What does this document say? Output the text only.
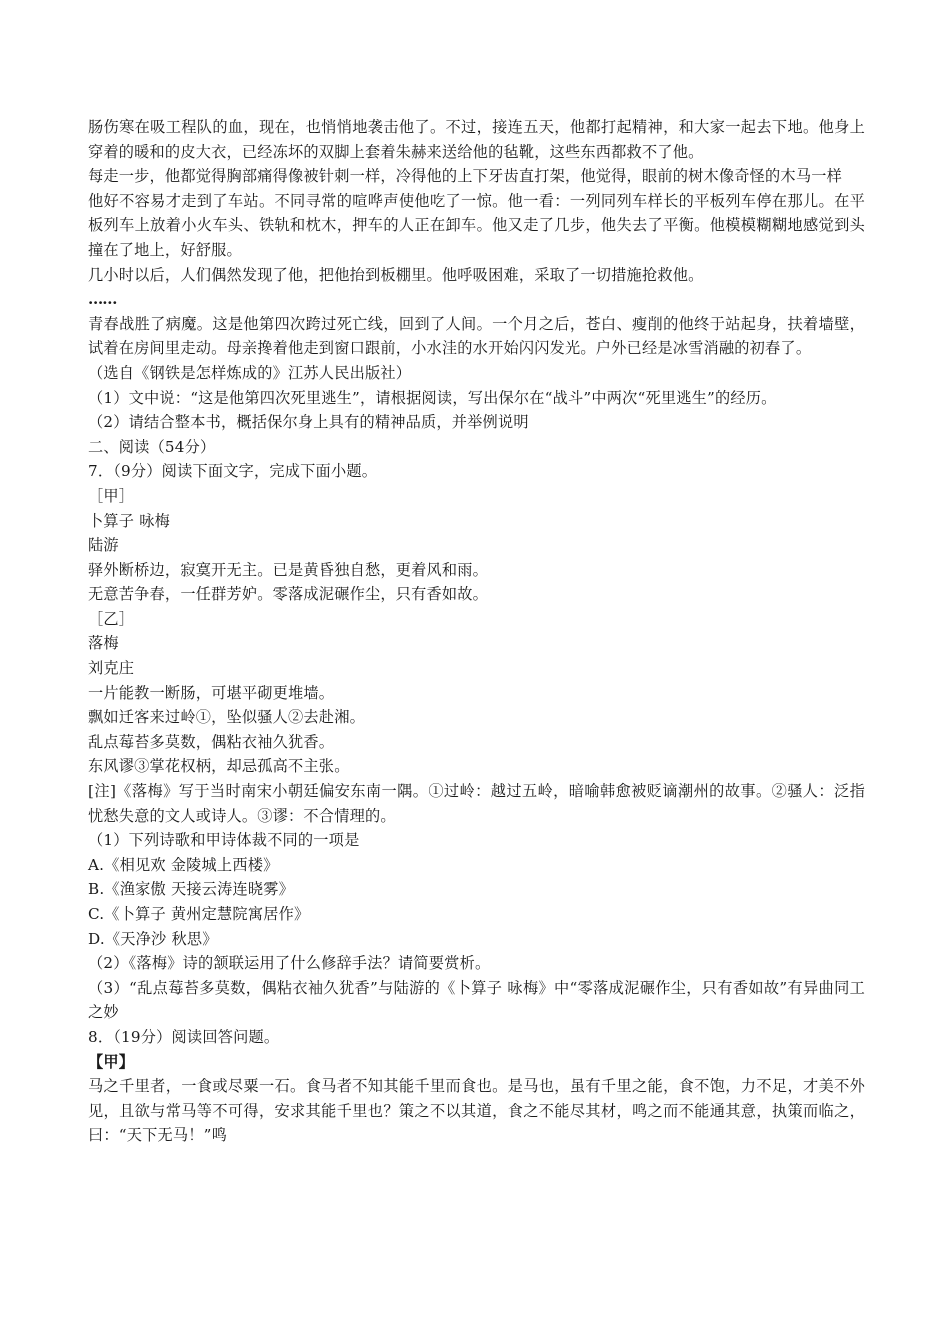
肠伤寒在吸工程队的血，现在，也悄悄地袭击他了。不过，接连五天，他都打起精神，和大家一起去下地。他身上穿着的暖和的皮大衣，已经冻坏的双脚上套着朱赫来送给他的毡靴，这些东西都救不了他。

每走一步，他都觉得胸部痛得像被针刺一样，冷得他的上下牙齿直打架，他觉得，眼前的树木像奇怪的木马一样

他好不容易才走到了车站。不同寻常的喧哗声使他吃了一惊。他一看：一列同列车样长的平板列车停在那儿。在平板列车上放着小火车头、铁轨和枕木，押车的人正在卸车。他又走了几步，他失去了平衡。他模模糊糊地感觉到头撞在了地上，好舒服。

几小时以后，人们偶然发现了他，把他抬到板棚里。他呼吸困难，采取了一切措施抢救他。

……

青春战胜了病魔。这是他第四次跨过死亡线，回到了人间。一个月之后，苍白、瘦削的他终于站起身，扶着墙壁，试着在房间里走动。母亲搀着他走到窗口跟前，小水洼的水开始闪闪发光。户外已经是冰雪消融的初春了。

（选自《钢铁是怎样炼成的》江苏人民出版社）

（1）文中说：“这是他第四次死里逃生”，请根据阅读，写出保尔在“战斗”中两次“死里逃生”的经历。

（2）请结合整本书，概括保尔身上具有的精神品质，并举例说明

二、阅读（54分）

7．（9分）阅读下面文字，完成下面小题。

［甲］

卜算子 咏梅

陆游

驿外断桥边，寂寞开无主。已是黄昏独自愁，更着风和雨。

无意苦争春，一任群芳妒。零落成泥碾作尘，只有香如故。

［乙］

落梅

刘克庄

一片能教一断肠，可堪平砌更堆墙。

飘如迁客来过岭①，坠似骚人②去赴湘。

乱点莓苔多莫数，偶粘衣袖久犹香。

东风谬③掌花权柄，却忌孤高不主张。

[注]《落梅》写于当时南宋小朝廷偏安东南一隅。①过岭：越过五岭，暗喻韩愈被贬谪潮州的故事。②骚人：泛指忧愁失意的文人或诗人。③谬：不合情理的。

（1）下列诗歌和甲诗体裁不同的一项是

A.《相见欢 金陵城上西楼》

B.《渔家傲 天接云涛连晓雾》

C.《卜算子 黄州定慧院寓居作》

D.《天净沙 秋思》

（2）《落梅》诗的颔联运用了什么修辞手法？请简要赏析。

（3）“乱点莓苔多莫数，偶粘衣袖久犹香”与陆游的《卜算子 咏梅》中“零落成泥碾作尘，只有香如故”有异曲同工之妙

8．（19分）阅读回答问题。

【甲】

马之千里者，一食或尽粟一石。食马者不知其能千里而食也。是马也，虽有千里之能，食不饱，力不足，才美不外见，且欲与常马等不可得，安求其能千里也？策之不以其道，食之不能尽其材，鸣之而不能通其意，执策而临之，曰：“天下无马！”鸣
